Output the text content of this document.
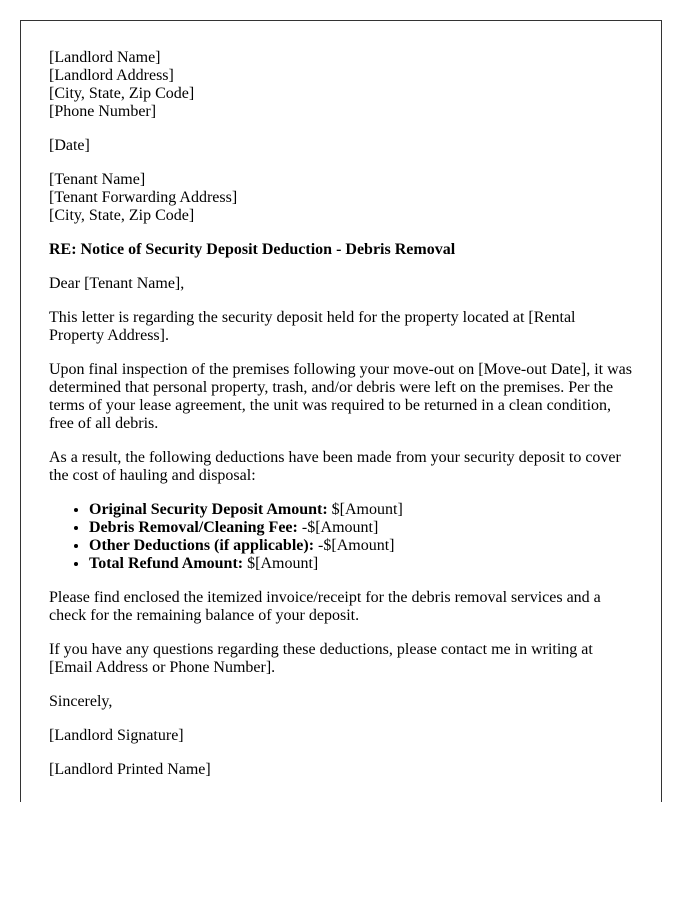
[Landlord Name]
[Landlord Address]
[City, State, Zip Code]
[Phone Number]

[Date]

[Tenant Name]
[Tenant Forwarding Address]
[City, State, Zip Code]

RE: Notice of Security Deposit Deduction - Debris Removal

Dear [Tenant Name],

This letter is regarding the security deposit held for the property located at [Rental Property Address].

Upon final inspection of the premises following your move-out on [Move-out Date], it was determined that personal property, trash, and/or debris were left on the premises. Per the terms of your lease agreement, the unit was required to be returned in a clean condition, free of all debris.

As a result, the following deductions have been made from your security deposit to cover the cost of hauling and disposal:

• Original Security Deposit Amount: $[Amount]
• Debris Removal/Cleaning Fee: -$[Amount]
• Other Deductions (if applicable): -$[Amount]
• Total Refund Amount: $[Amount]

Please find enclosed the itemized invoice/receipt for the debris removal services and a check for the remaining balance of your deposit.

If you have any questions regarding these deductions, please contact me in writing at [Email Address or Phone Number].

Sincerely,

[Landlord Signature]

[Landlord Printed Name]
